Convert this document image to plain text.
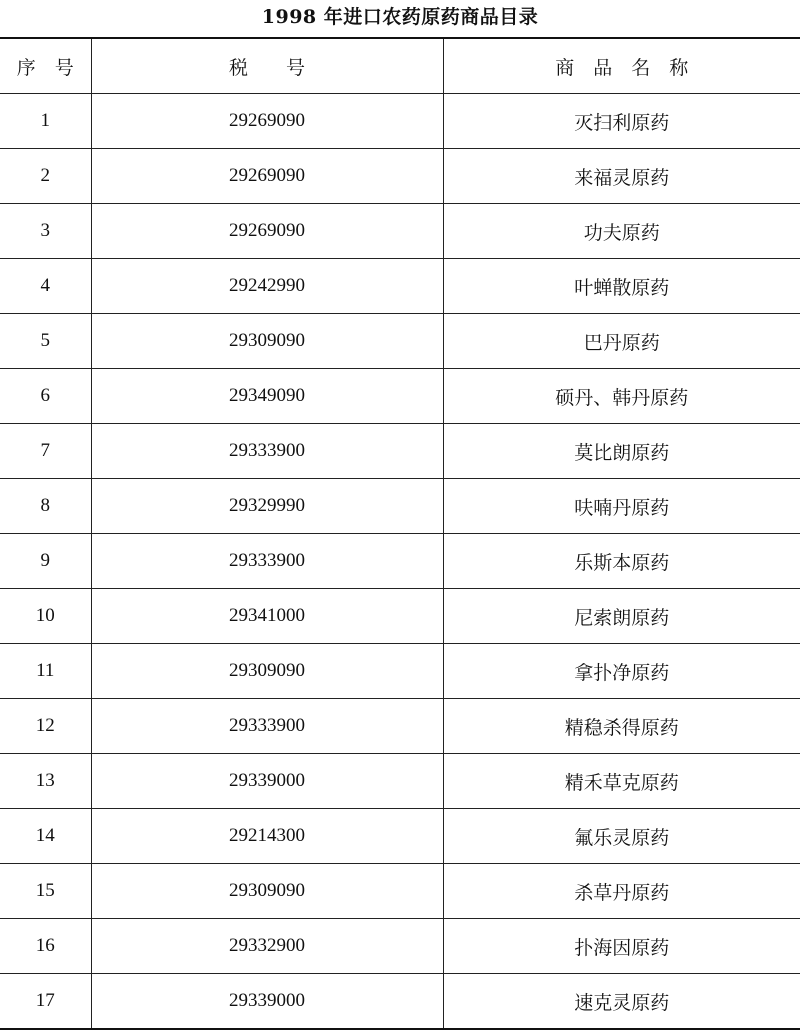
1998 年进口农药原药商品目录
序　号	税　　号	商　品　名　称
1	29269090	灭扫利原药
2	29269090	来福灵原药
3	29269090	功夫原药
4	29242990	叶蝉散原药
5	29309090	巴丹原药
6	29349090	硕丹、韩丹原药
7	29333900	莫比朗原药
8	29329990	呋喃丹原药
9	29333900	乐斯本原药
10	29341000	尼索朗原药
11	29309090	拿扑净原药
12	29333900	精稳杀得原药
13	29339000	精禾草克原药
14	29214300	氟乐灵原药
15	29309090	杀草丹原药
16	29332900	扑海因原药
17	29339000	速克灵原药
